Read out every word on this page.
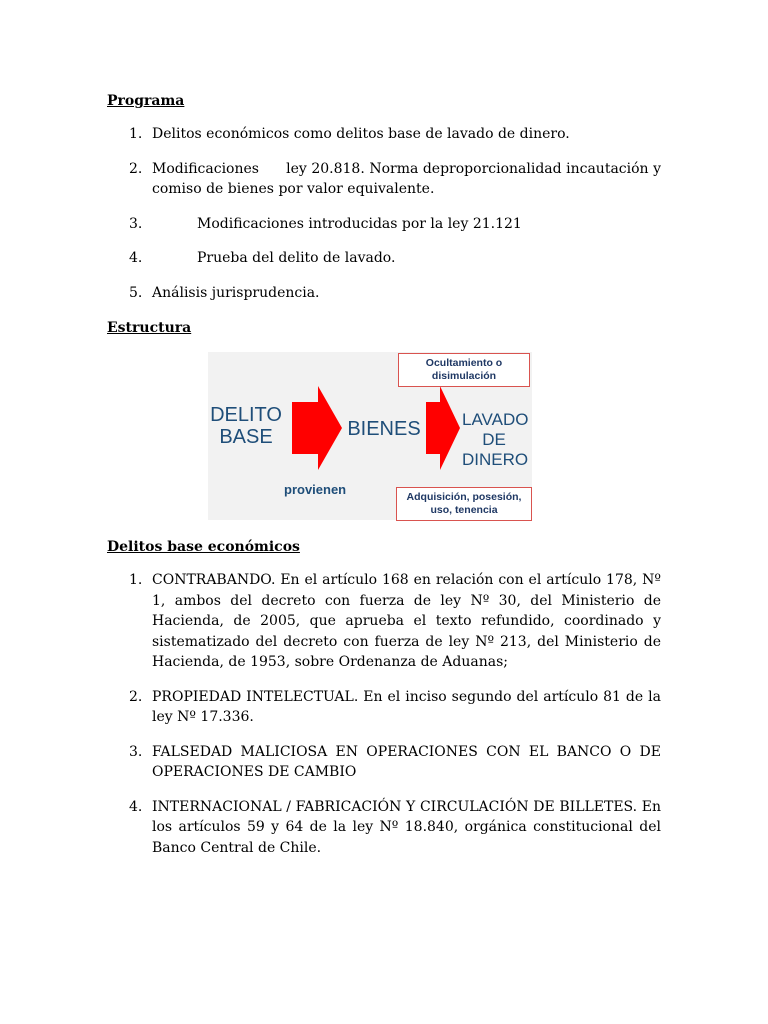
Programa
1. Delitos económicos como delitos base de lavado de dinero.
2. Modificaciones      ley 20.818. Norma deproporcionalidad incautación y comiso de bienes por valor equivalente.
3.	Modificaciones introducidas por la ley 21.121
4.	Prueba del delito de lavado.
5. Análisis jurisprudencia.
Estructura
Ocultamiento o
disimulación
DELITO
BASE	BIENES LAVADO
DE
DINERO
provienen	Adquisición, posesión,
uso, tenencia
Delitos base económicos
1. CONTRABANDO. En el artículo 168 en relación con el artículo 178, Nº 1, ambos del decreto con fuerza de ley Nº 30, del Ministerio de Hacienda, de 2005, que aprueba el texto refundido, coordinado y sistematizado del decreto con fuerza de ley Nº 213, del Ministerio de Hacienda, de 1953, sobre Ordenanza de Aduanas;
2. PROPIEDAD INTELECTUAL. En el inciso segundo del artículo 81 de la ley Nº 17.336.
3. FALSEDAD MALICIOSA EN OPERACIONES CON EL BANCO O DE OPERACIONES DE CAMBIO
4. INTERNACIONAL / FABRICACIÓN Y CIRCULACIÓN DE BILLETES. En los artículos 59 y 64 de la ley Nº 18.840, orgánica constitucional del Banco Central de Chile.
